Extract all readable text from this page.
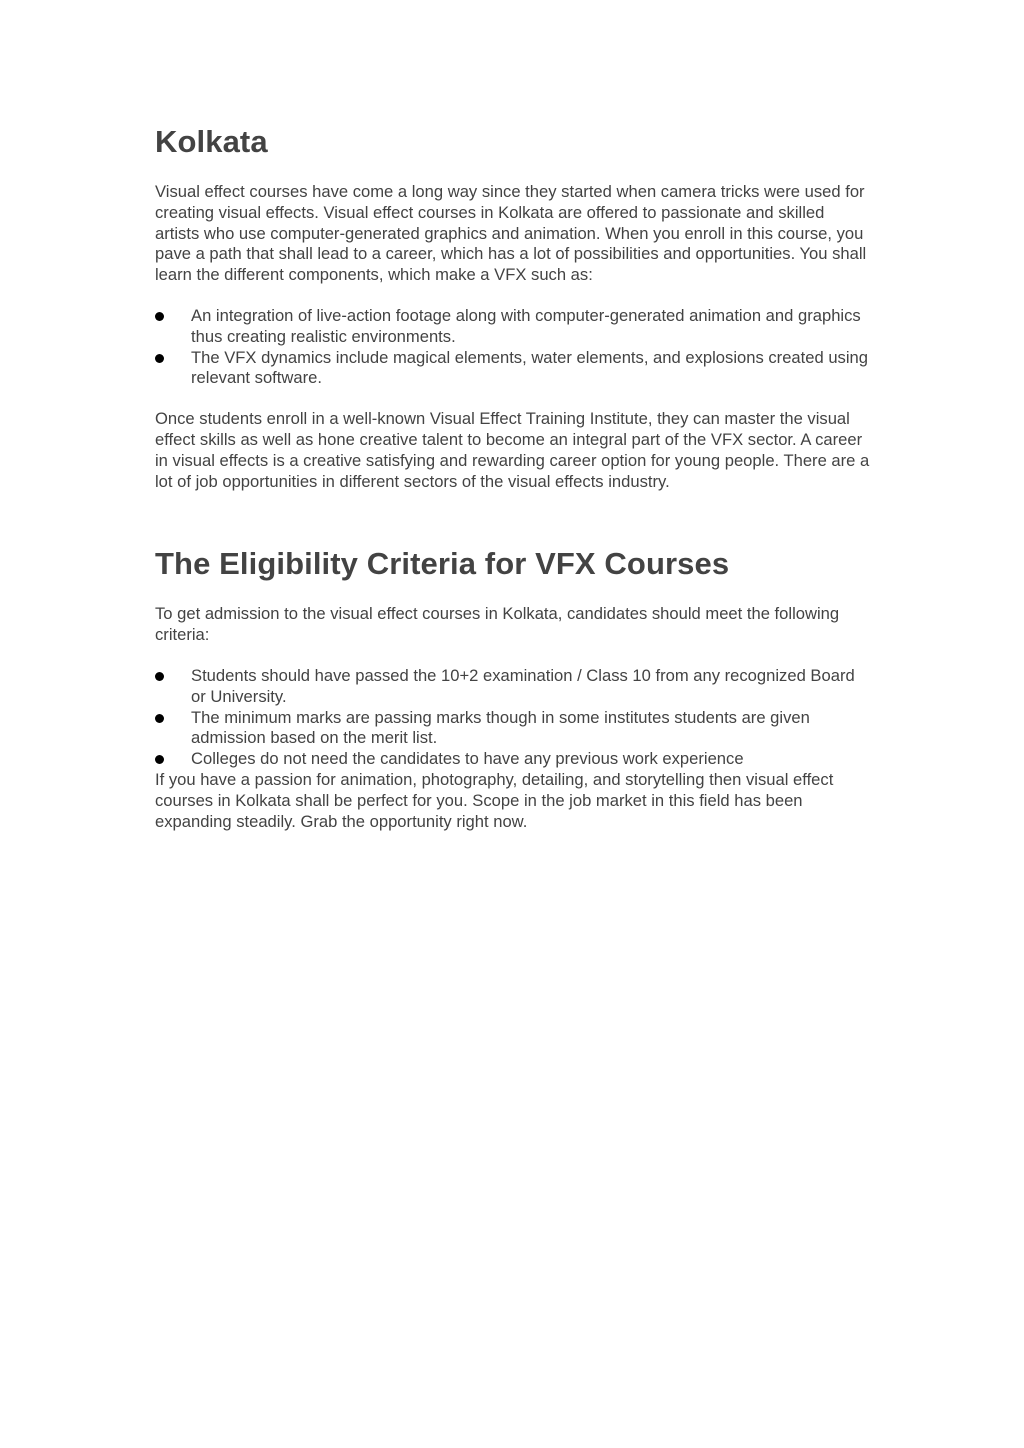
Kolkata

Visual effect courses have come a long way since they started when camera tricks were used for creating visual effects. Visual effect courses in Kolkata are offered to passionate and skilled artists who use computer-generated graphics and animation. When you enroll in this course, you pave a path that shall lead to a career, which has a lot of possibilities and opportunities. You shall learn the different components, which make a VFX such as:

An integration of live-action footage along with computer-generated animation and graphics thus creating realistic environments.
The VFX dynamics include magical elements, water elements, and explosions created using relevant software.

Once students enroll in a well-known Visual Effect Training Institute, they can master the visual effect skills as well as hone creative talent to become an integral part of the VFX sector. A career in visual effects is a creative satisfying and rewarding career option for young people. There are a lot of job opportunities in different sectors of the visual effects industry.

The Eligibility Criteria for VFX Courses

To get admission to the visual effect courses in Kolkata, candidates should meet the following criteria:

Students should have passed the 10+2 examination / Class 10 from any recognized Board or University.
The minimum marks are passing marks though in some institutes students are given admission based on the merit list.
Colleges do not need the candidates to have any previous work experience

If you have a passion for animation, photography, detailing, and storytelling then visual effect courses in Kolkata shall be perfect for you. Scope in the job market in this field has been expanding steadily. Grab the opportunity right now.
